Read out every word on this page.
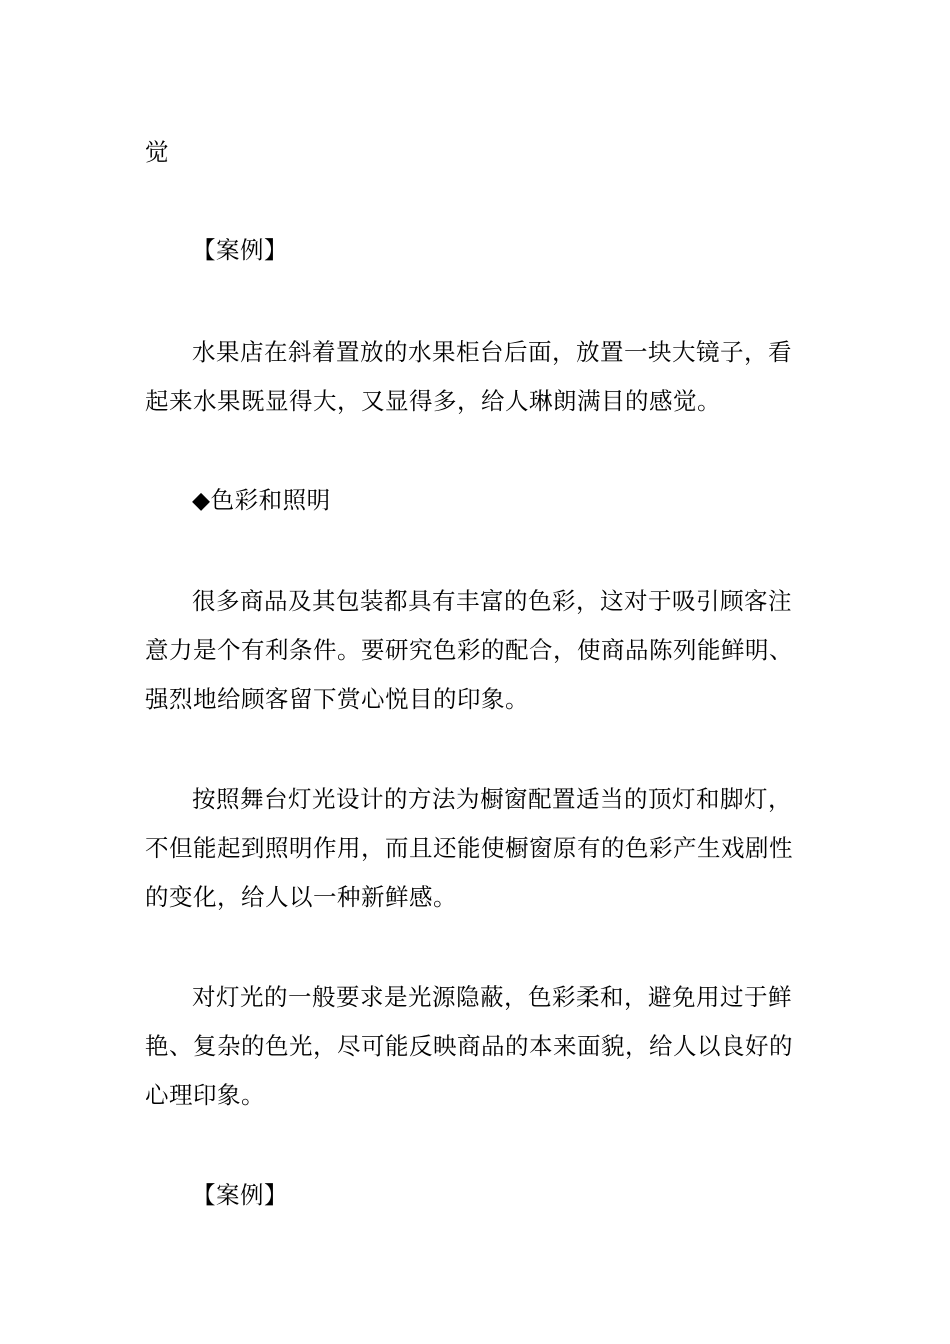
觉

【案例】

水果店在斜着置放的水果柜台后面，放置一块大镜子，看
起来水果既显得大，又显得多，给人琳朗满目的感觉。

◆色彩和照明

很多商品及其包装都具有丰富的色彩，这对于吸引顾客注
意力是个有利条件。要研究色彩的配合，使商品陈列能鲜明、
强烈地给顾客留下赏心悦目的印象。

按照舞台灯光设计的方法为橱窗配置适当的顶灯和脚灯，
不但能起到照明作用，而且还能使橱窗原有的色彩产生戏剧性
的变化，给人以一种新鲜感。

对灯光的一般要求是光源隐蔽，色彩柔和，避免用过于鲜
艳、复杂的色光，尽可能反映商品的本来面貌，给人以良好的
心理印象。

【案例】
